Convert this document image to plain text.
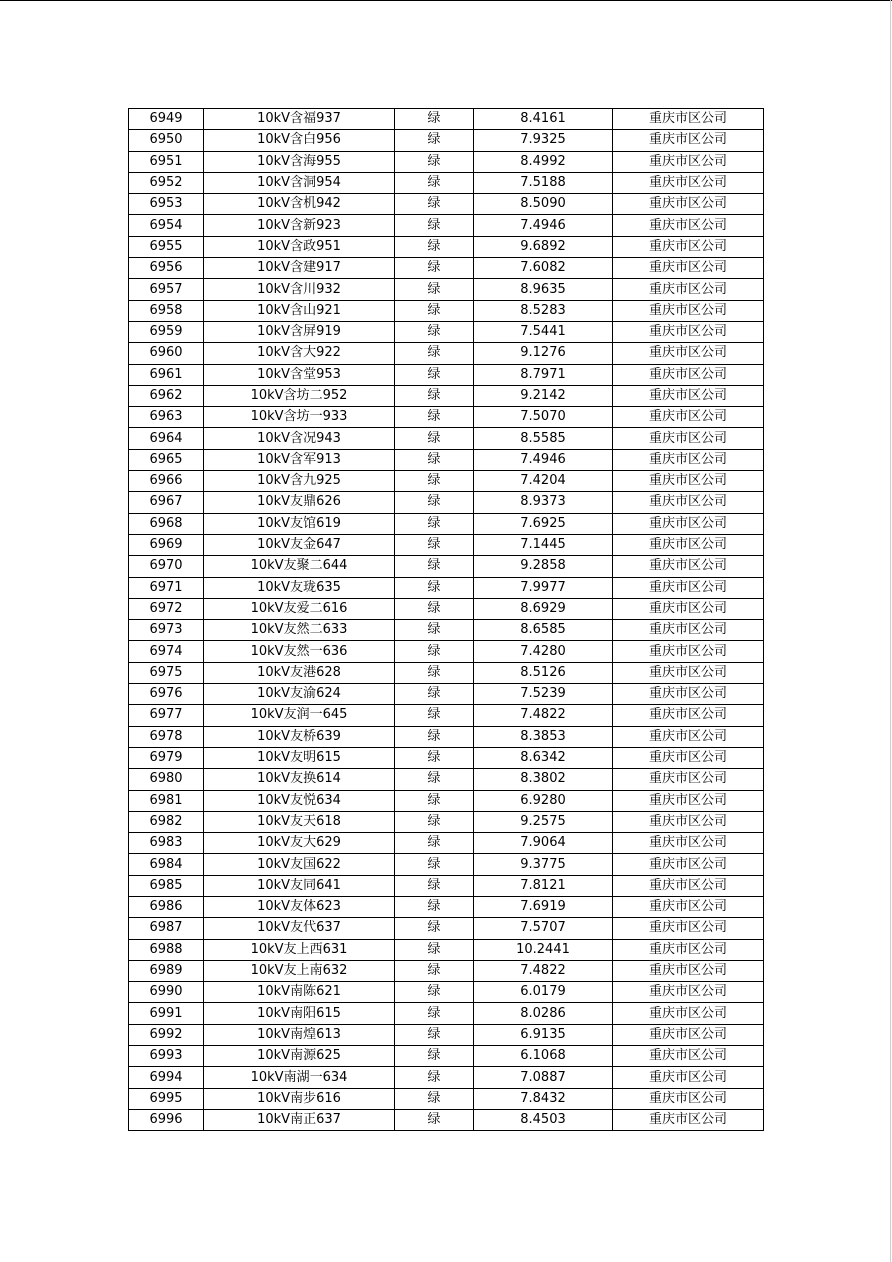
6949	10kV含福937	绿	8.4161	重庆市区公司
6950	10kV含白956	绿	7.9325	重庆市区公司
6951	10kV含海955	绿	8.4992	重庆市区公司
6952	10kV含洞954	绿	7.5188	重庆市区公司
6953	10kV含机942	绿	8.5090	重庆市区公司
6954	10kV含新923	绿	7.4946	重庆市区公司
6955	10kV含政951	绿	9.6892	重庆市区公司
6956	10kV含建917	绿	7.6082	重庆市区公司
6957	10kV含川932	绿	8.9635	重庆市区公司
6958	10kV含山921	绿	8.5283	重庆市区公司
6959	10kV含屏919	绿	7.5441	重庆市区公司
6960	10kV含大922	绿	9.1276	重庆市区公司
6961	10kV含堂953	绿	8.7971	重庆市区公司
6962	10kV含坊二952	绿	9.2142	重庆市区公司
6963	10kV含坊一933	绿	7.5070	重庆市区公司
6964	10kV含况943	绿	8.5585	重庆市区公司
6965	10kV含军913	绿	7.4946	重庆市区公司
6966	10kV含九925	绿	7.4204	重庆市区公司
6967	10kV友鼎626	绿	8.9373	重庆市区公司
6968	10kV友馆619	绿	7.6925	重庆市区公司
6969	10kV友金647	绿	7.1445	重庆市区公司
6970	10kV友聚二644	绿	9.2858	重庆市区公司
6971	10kV友珑635	绿	7.9977	重庆市区公司
6972	10kV友爱二616	绿	8.6929	重庆市区公司
6973	10kV友然二633	绿	8.6585	重庆市区公司
6974	10kV友然一636	绿	7.4280	重庆市区公司
6975	10kV友港628	绿	8.5126	重庆市区公司
6976	10kV友渝624	绿	7.5239	重庆市区公司
6977	10kV友润一645	绿	7.4822	重庆市区公司
6978	10kV友桥639	绿	8.3853	重庆市区公司
6979	10kV友明615	绿	8.6342	重庆市区公司
6980	10kV友换614	绿	8.3802	重庆市区公司
6981	10kV友悦634	绿	6.9280	重庆市区公司
6982	10kV友天618	绿	9.2575	重庆市区公司
6983	10kV友大629	绿	7.9064	重庆市区公司
6984	10kV友国622	绿	9.3775	重庆市区公司
6985	10kV友同641	绿	7.8121	重庆市区公司
6986	10kV友体623	绿	7.6919	重庆市区公司
6987	10kV友代637	绿	7.5707	重庆市区公司
6988	10kV友上西631	绿	10.2441	重庆市区公司
6989	10kV友上南632	绿	7.4822	重庆市区公司
6990	10kV南陈621	绿	6.0179	重庆市区公司
6991	10kV南阳615	绿	8.0286	重庆市区公司
6992	10kV南煌613	绿	6.9135	重庆市区公司
6993	10kV南源625	绿	6.1068	重庆市区公司
6994	10kV南湖一634	绿	7.0887	重庆市区公司
6995	10kV南步616	绿	7.8432	重庆市区公司
6996	10kV南正637	绿	8.4503	重庆市区公司
